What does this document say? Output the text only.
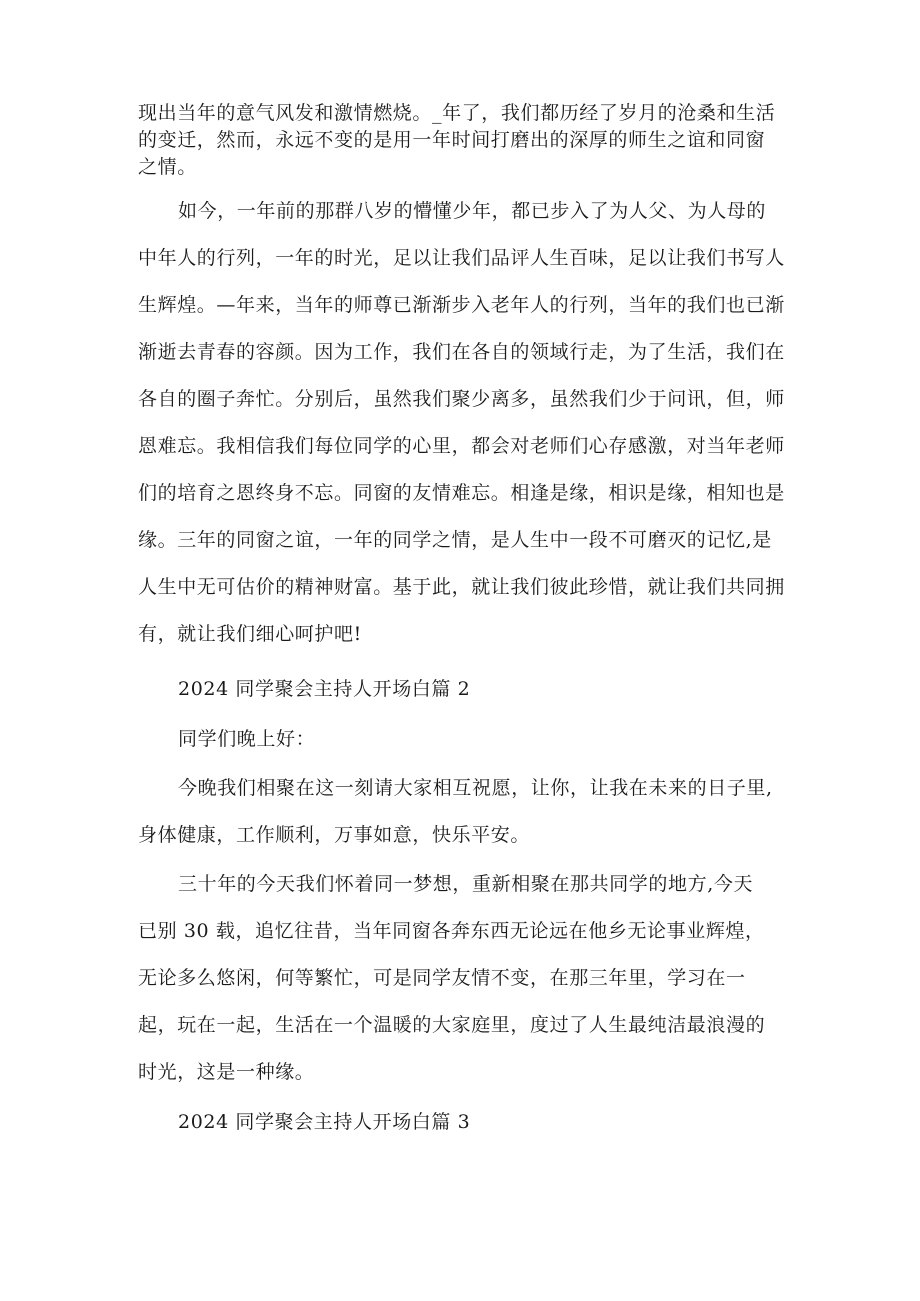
现出当年的意气风发和激情燃烧。_年了，我们都历经了岁月的沧桑和生活
的变迁，然而，永远不变的是用一年时间打磨出的深厚的师生之谊和同窗
之情。
如今，一年前的那群八岁的懵懂少年，都已步入了为人父、为人母的
中年人的行列，一年的时光，足以让我们品评人生百味，足以让我们书写人
生辉煌。—年来，当年的师尊已渐渐步入老年人的行列，当年的我们也已渐
渐逝去青春的容颜。因为工作，我们在各自的领域行走，为了生活，我们在
各自的圈子奔忙。分别后，虽然我们聚少离多，虽然我们少于问讯，但，师
恩难忘。我相信我们每位同学的心里，都会对老师们心存感激，对当年老师
们的培育之恩终身不忘。同窗的友情难忘。相逢是缘，相识是缘，相知也是
缘。三年的同窗之谊，一年的同学之情，是人生中一段不可磨灭的记忆,是
人生中无可估价的精神财富。基于此，就让我们彼此珍惜，就让我们共同拥
有，就让我们细心呵护吧!
2024 同学聚会主持人开场白篇 2
同学们晚上好：
今晚我们相聚在这一刻请大家相互祝愿，让你，让我在未来的日子里,
身体健康，工作顺利，万事如意，快乐平安。
三十年的今天我们怀着同一梦想，重新相聚在那共同学的地方,今天
已别 30 载，追忆往昔，当年同窗各奔东西无论远在他乡无论事业辉煌，
无论多么悠闲，何等繁忙，可是同学友情不变，在那三年里，学习在一
起，玩在一起，生活在一个温暖的大家庭里，度过了人生最纯洁最浪漫的
时光，这是一种缘。
2024 同学聚会主持人开场白篇 3
